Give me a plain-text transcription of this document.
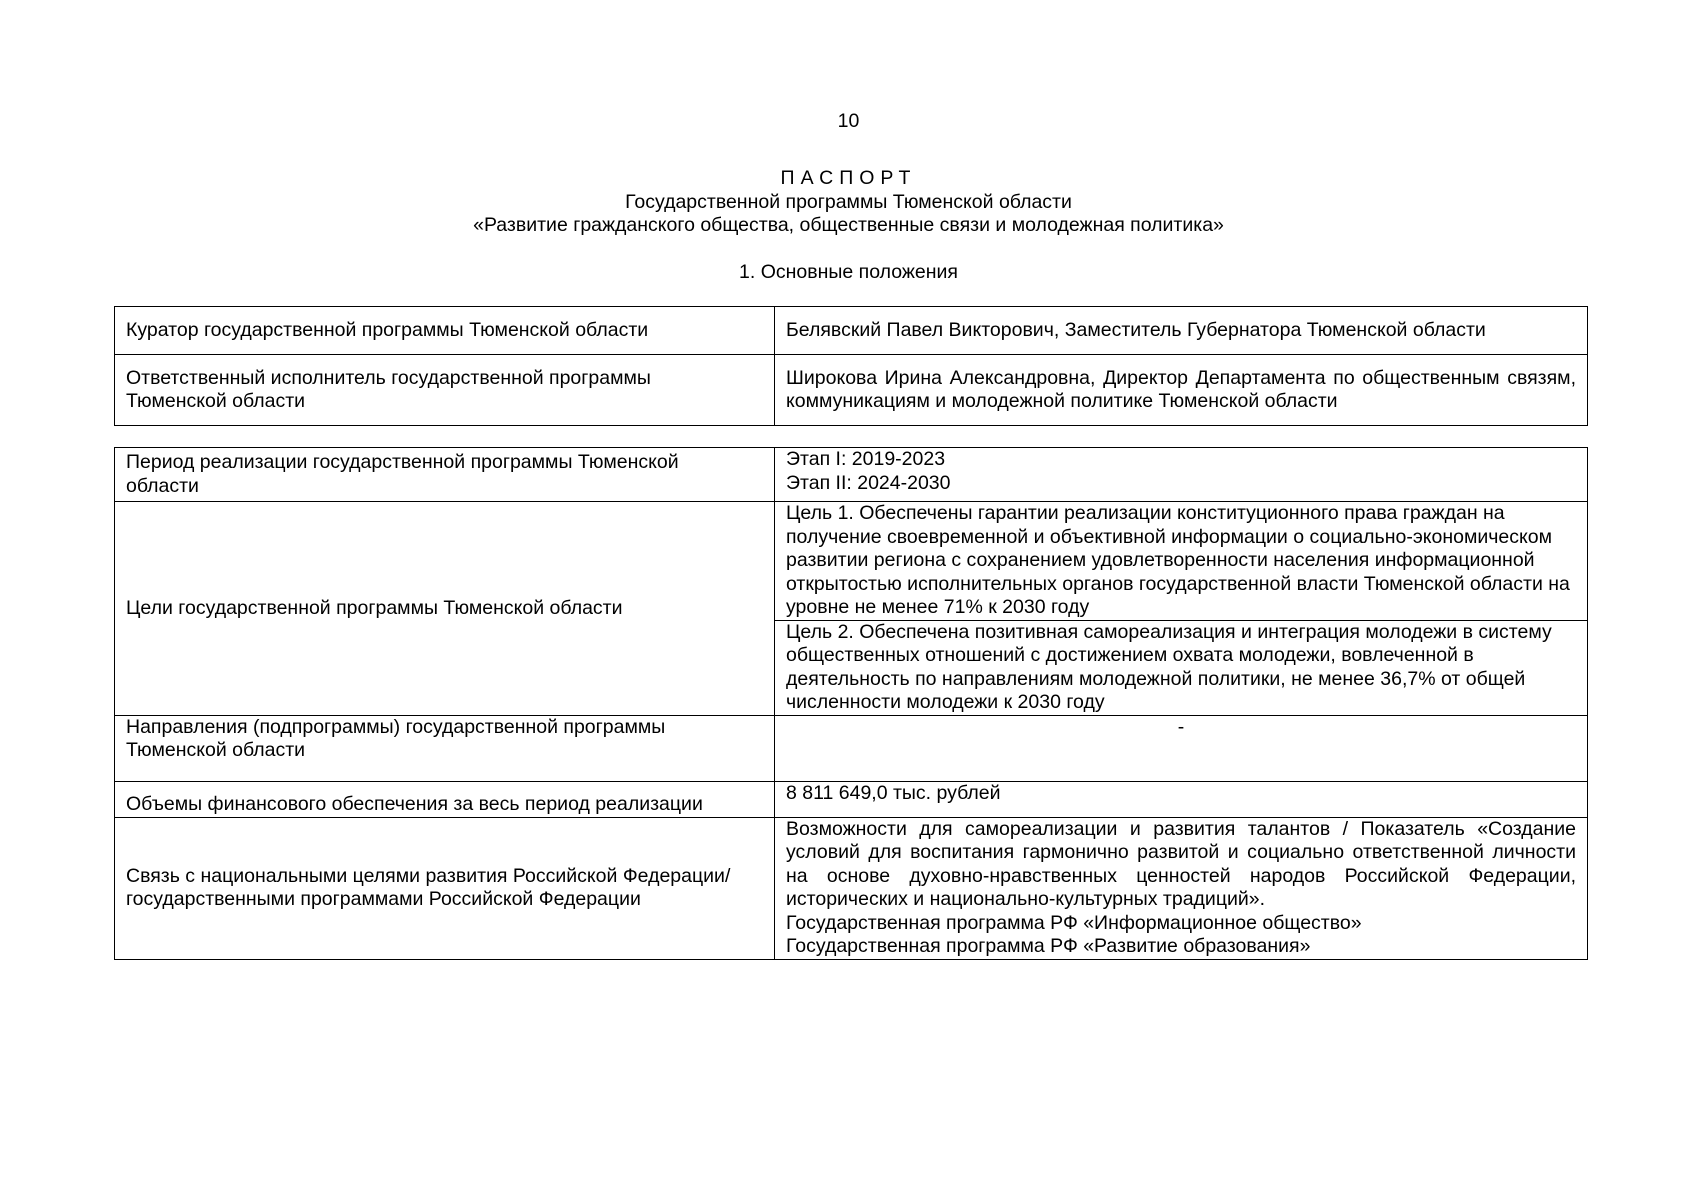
10
ПАСПОРТ
Государственной программы Тюменской области
«Развитие гражданского общества, общественные связи и молодежная политика»
1. Основные положения
Куратор государственной программы Тюменской области	Белявский Павел Викторович, Заместитель Губернатора Тюменской области
Ответственный исполнитель государственной программы Тюменской области	Широкова Ирина Александровна, Директор Департамента по общественным связям, коммуникациям и молодежной политике Тюменской области
Период реализации государственной программы Тюменской области	Этап I: 2019-2023
Этап II: 2024-2030

Цели государственной программы Тюменской области	Цель 1. Обеспечены гарантии реализации конституционного права граждан на получение своевременной и объективной информации о социально-экономическом развитии региона с сохранением удовлетворенности населения информационной открытостью исполнительных органов государственной власти Тюменской области на уровне не менее 71% к 2030 году
	Цель 2. Обеспечена позитивная самореализация и интеграция молодежи в систему общественных отношений с достижением охвата молодежи, вовлеченной в деятельность по направлениям молодежной политики, не менее 36,7% от общей численности молодежи к 2030 году
Направления (подпрограммы) государственной программы Тюменской области	-
Объемы финансового обеспечения за весь период реализации	8 811 649,0 тыс. рублей
Связь с национальными целями развития Российской Федерации/ государственными программами Российской Федерации	Возможности для самореализации и развития талантов / Показатель «Создание условий для воспитания гармонично развитой и социально ответственной личности на основе духовно-нравственных ценностей народов Российской Федерации, исторических и национально-культурных традиций».
Государственная программа РФ «Информационное общество»
Государственная программа РФ «Развитие образования»
